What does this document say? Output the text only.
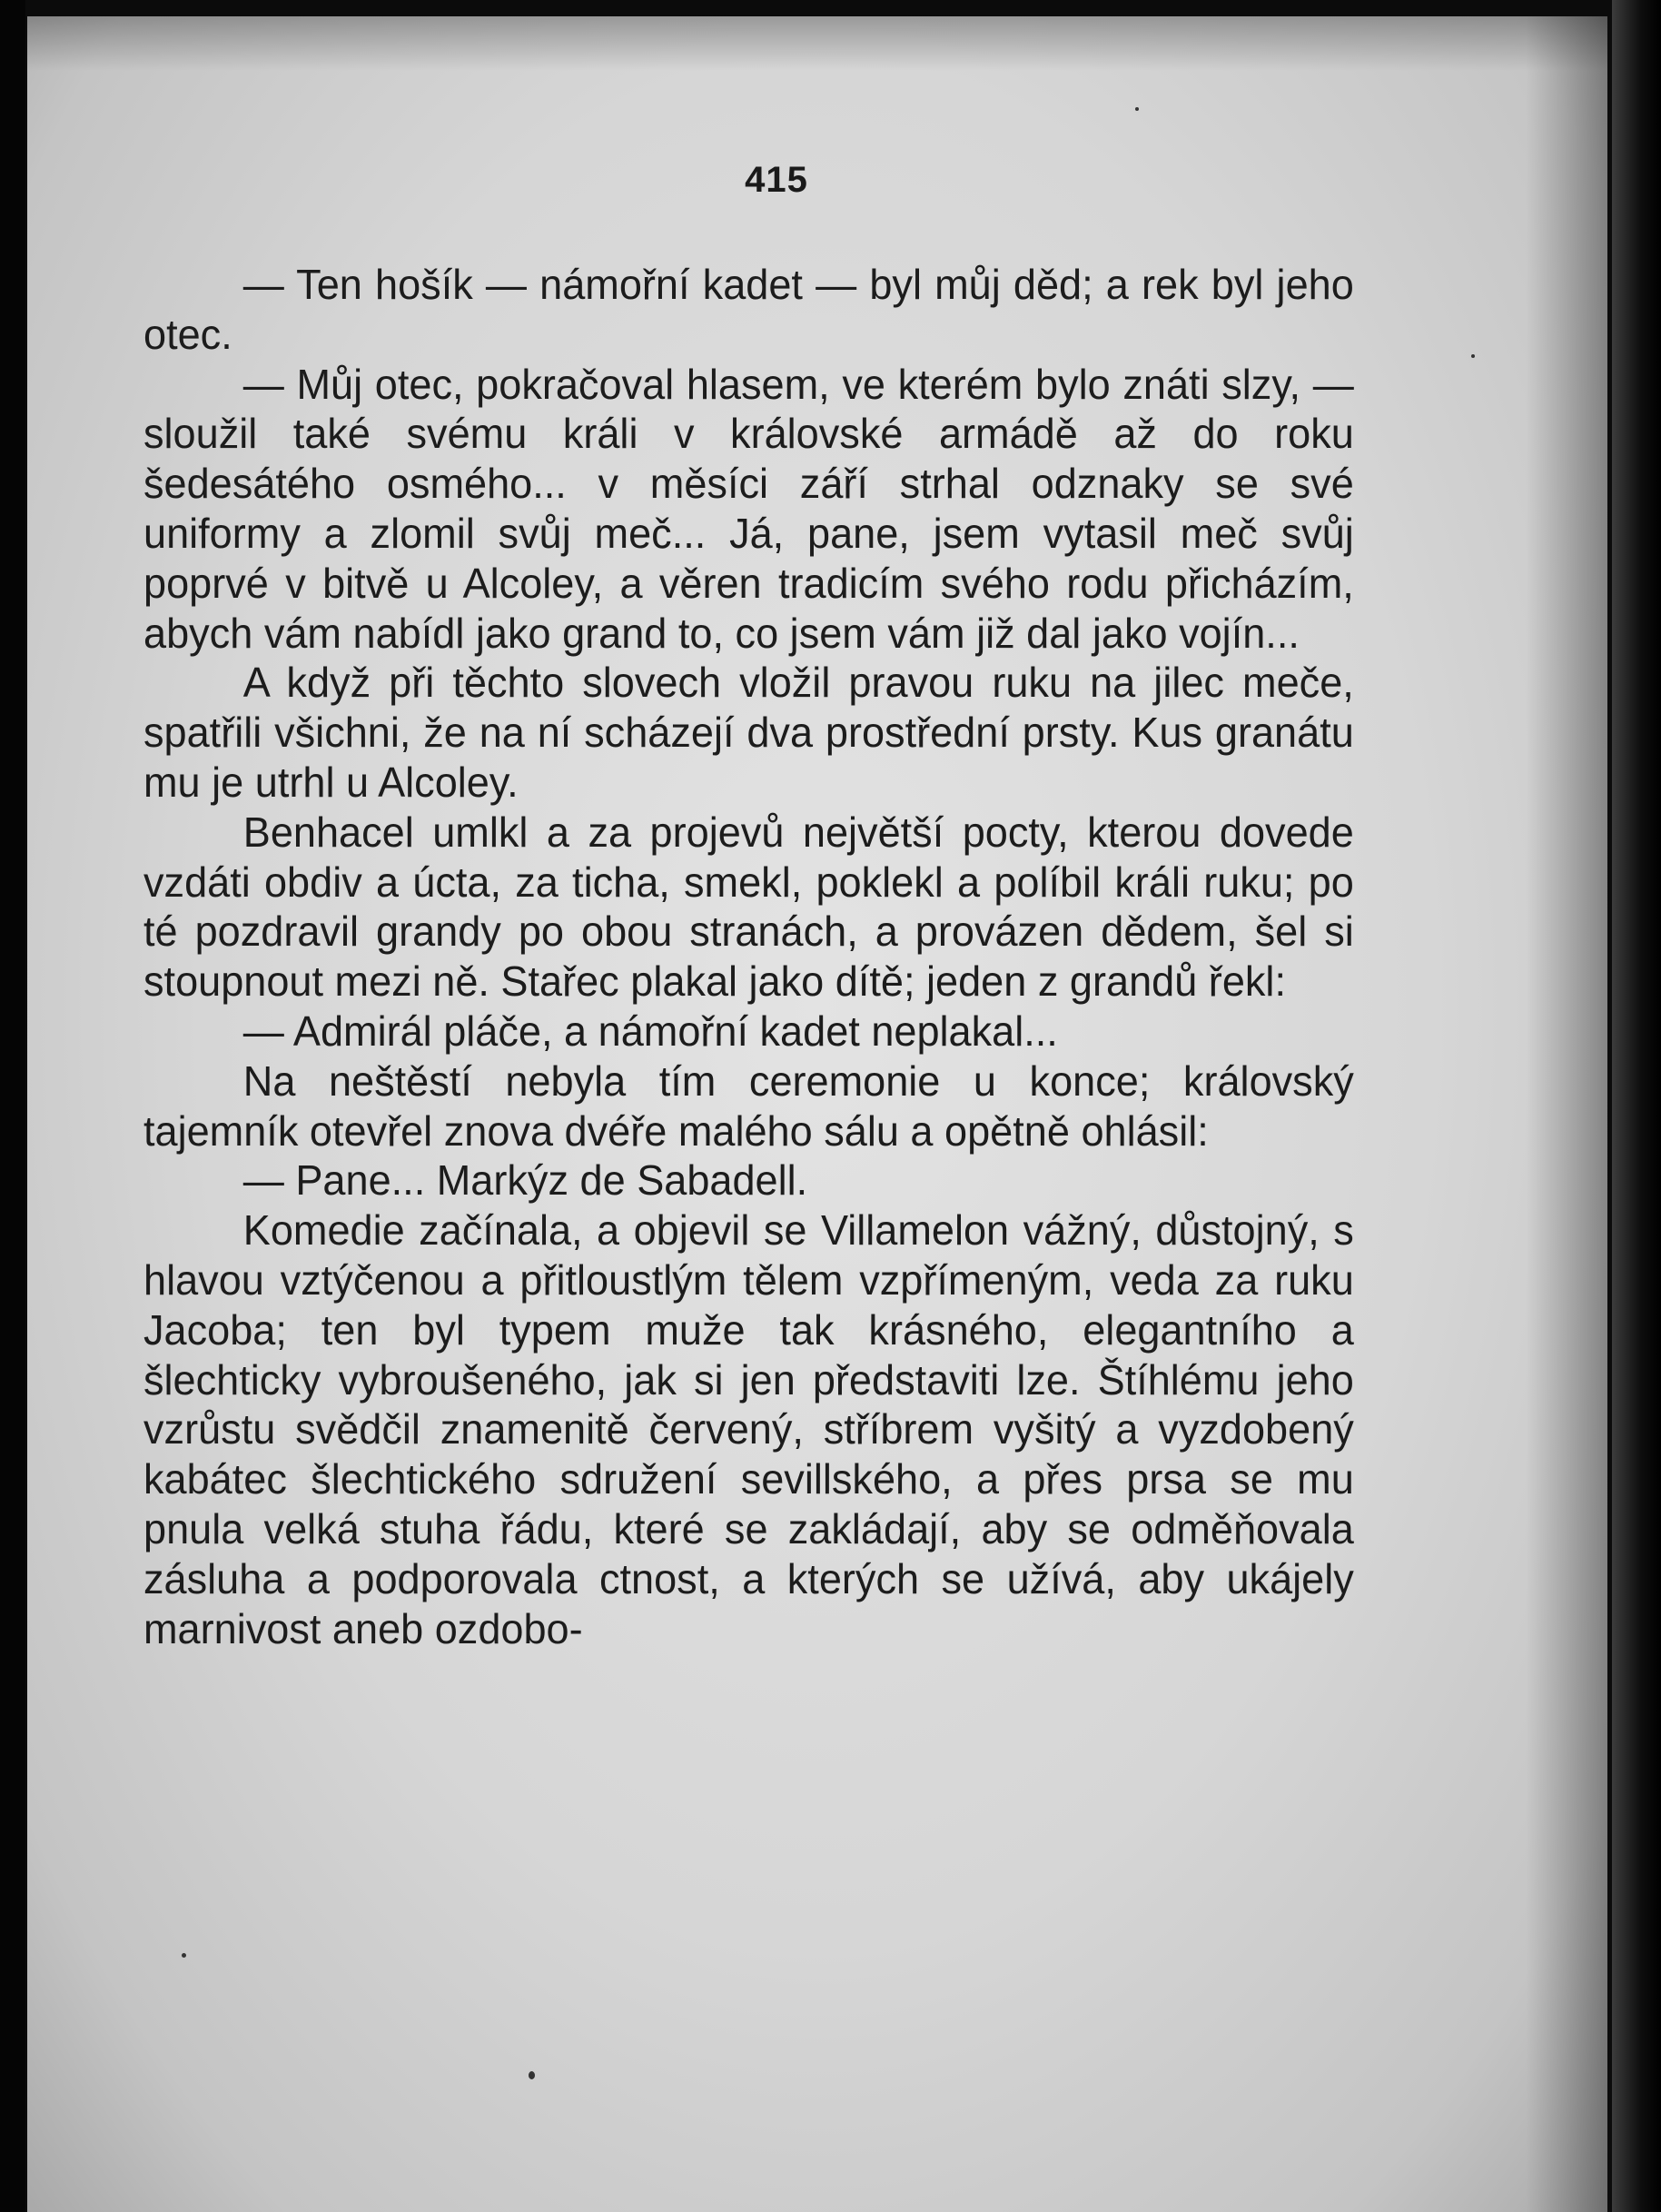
415

— Ten hošík — námořní kadet — byl můj děd; a rek byl jeho otec.

— Můj otec, pokračoval hlasem, ve kterém bylo znáti slzy, — sloužil také svému králi v královské armádě až do roku šedesátého osmého... v měsíci září strhal odznaky se své uniformy a zlomil svůj meč... Já, pane, jsem vytasil meč svůj poprvé v bitvě u Alcoley, a věren tradicím svého rodu přicházím, abych vám nabídl jako grand to, co jsem vám již dal jako vojín...

A když při těchto slovech vložil pravou ruku na jilec meče, spatřili všichni, že na ní scházejí dva prostřední prsty. Kus granátu mu je utrhl u Alcoley.

Benhacel umlkl a za projevů největší pocty, kterou dovede vzdáti obdiv a úcta, za ticha, smekl, poklekl a políbil králi ruku; po té pozdravil grandy po obou stranách, a provázen dědem, šel si stoupnout mezi ně. Stařec plakal jako dítě; jeden z grandů řekl:

— Admirál pláče, a námořní kadet neplakal...

Na neštěstí nebyla tím ceremonie u konce; královský tajemník otevřel znova dvéře malého sálu a opětně ohlásil:

— Pane... Markýz de Sabadell.

Komedie začínala, a objevil se Villamelon vážný, důstojný, s hlavou vztýčenou a přitloustlým tělem vzpřímeným, veda za ruku Jacoba; ten byl typem muže tak krásného, elegantního a šlechticky vybroušeného, jak si jen představiti lze. Štíhlému jeho vzrůstu svědčil znamenitě červený, stříbrem vyšitý a vyzdobený kabátec šlechtického sdružení sevillského, a přes prsa se mu pnula velká stuha řádu, které se zakládají, aby se odměňovala zásluha a podporovala ctnost, a kterých se užívá, aby ukájely marnivost aneb ozdobo-
